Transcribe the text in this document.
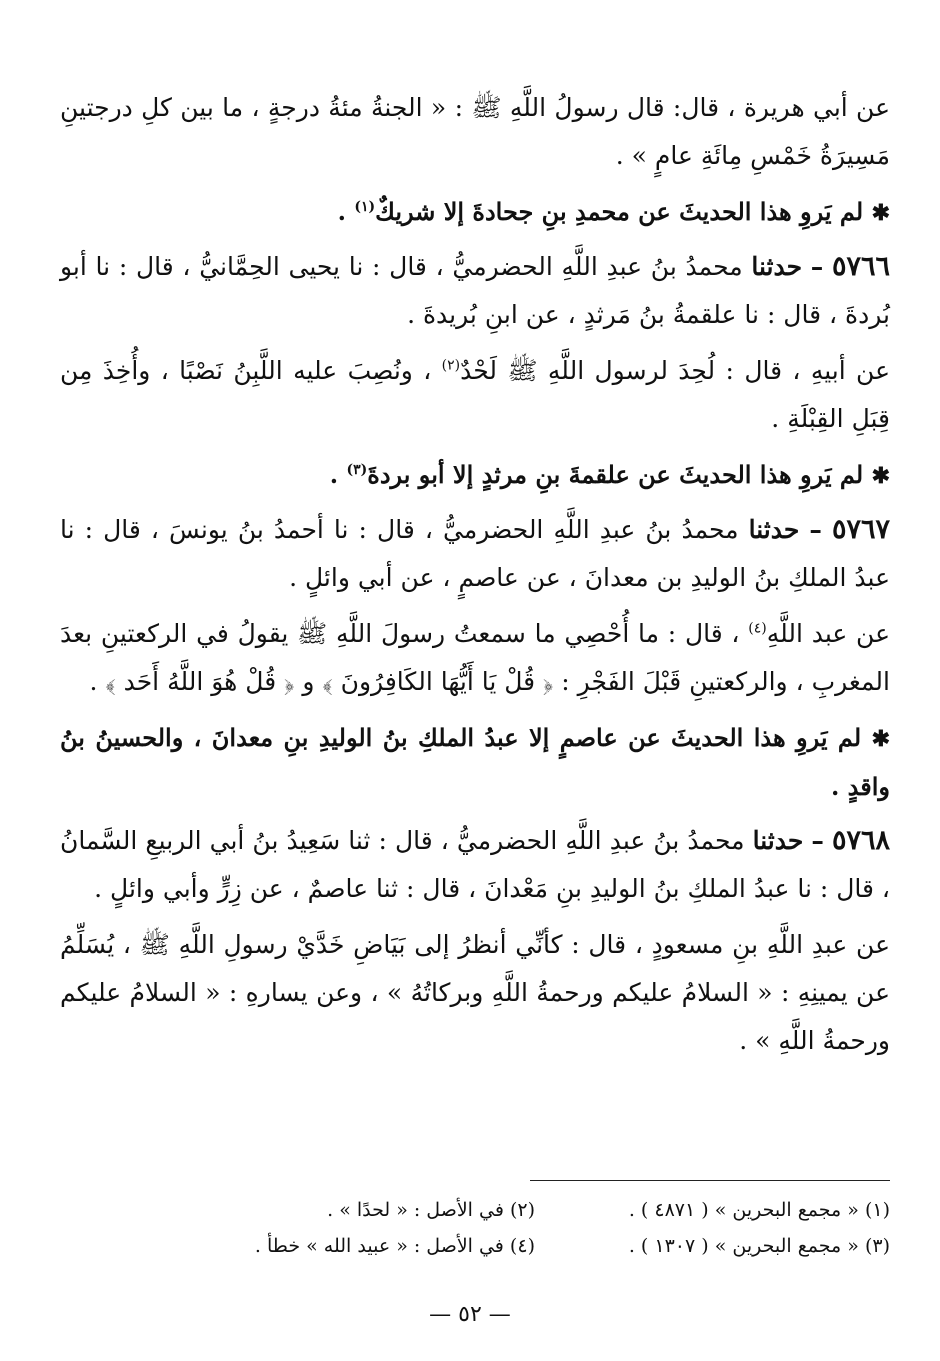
عن أبي هريرة ، قال: قال رسولُ اللَّهِ ﷺ : « الجنةُ مئةُ درجةٍ ، ما بين كلِ درجتينِ مَسِيرَةُ خَمْسِ مِائَةِ عامٍ » .

✱ لم يَروِ هذا الحديثَ عن محمدِ بنِ جحادةَ إلا شريكٌ$^{(١)}$ .

٥٧٦٦ – حدثنا محمدُ بنُ عبدِ اللَّهِ الحضرميُّ ، قال : نا يحيى الحِمَّانيُّ ، قال : نا أبو بُردةَ ، قال : نا علقمةُ بنُ مَرثدٍ ، عن ابنِ بُريدةَ .

عن أبيهِ ، قال : لُحِدَ لرسول اللَّهِ ﷺ لَحْدٌ$^{(٢)}$ ، ونُصِبَ عليه اللَّبِنُ نَصْبًا ، وأُخِذَ مِن قِبَلِ القِبْلَةِ .

✱ لم يَروِ هذا الحديثَ عن علقمةَ بنِ مرثدٍ إلا أبو بردةَ$^{(٣)}$ .

٥٧٦٧ – حدثنا محمدُ بنُ عبدِ اللَّهِ الحضرميُّ ، قال : نا أحمدُ بنُ يونسَ ، قال : نا عبدُ الملكِ بنُ الوليدِ بن معدانَ ، عن عاصمٍ ، عن أبي وائلٍ .

عن عبد اللَّهِ$^{(٤)}$ ، قال : ما أُحْصِي ما سمعتُ رسولَ اللَّهِ ﷺ يقولُ في الركعتينِ بعدَ المغربِ ، والركعتينِ قَبْلَ الفَجْرِ : ﴿ قُلْ يَا أَيُّهَا الكَافِرُونَ ﴾ و ﴿ قُلْ هُوَ اللَّهُ أَحَد ﴾ .

✱ لم يَروِ هذا الحديثَ عن عاصمٍ إلا عبدُ الملكِ بنُ الوليدِ بنِ معدانَ ، والحسينُ بنُ واقدٍ .

٥٧٦٨ – حدثنا محمدُ بنُ عبدِ اللَّهِ الحضرميُّ ، قال : ثنا سَعِيدُ بنُ أبي الربيعِ السَّمانُ ، قال : نا عبدُ الملكِ بنُ الوليدِ بنِ مَعْدانَ ، قال : ثنا عاصمٌ ، عن زِرٍّ وأبي وائلٍ .

عن عبدِ اللَّهِ بنِ مسعودٍ ، قال : كأنِّي أنظرُ إلى بَيَاضِ خَدَّيْ رسولِ اللَّهِ ﷺ ، يُسَلِّمُ عن يمينِهِ : « السلامُ عليكم ورحمةُ اللَّهِ وبركاتُهُ » ، وعن يسارهِ : « السلامُ عليكم ورحمةُ اللَّهِ » .

(١) « مجمع البحرين » ( ٤٨٧١ ) .
(٢) في الأصل : « لحدًا » .
(٣) « مجمع البحرين » ( ١٣٠٧ ) .
(٤) في الأصل : « عبيد الله » خطأ .
— ٥٢ —
